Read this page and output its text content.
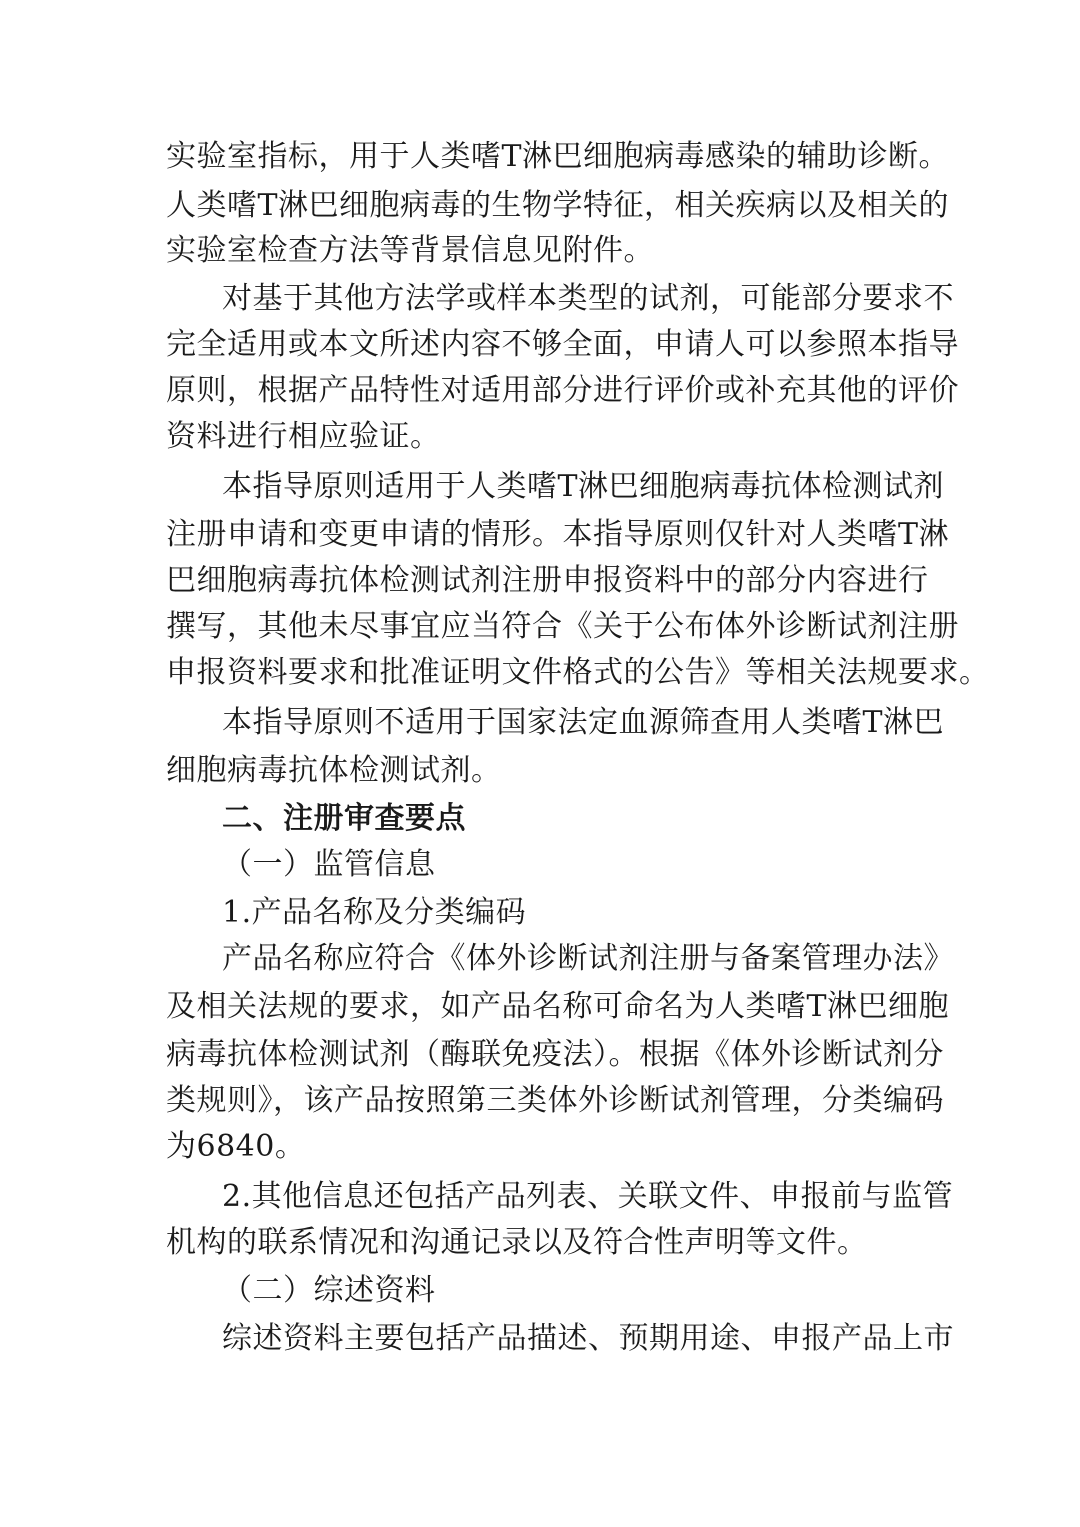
实验室指标，用于人类嗜T淋巴细胞病毒感染的辅助诊断。
人类嗜T淋巴细胞病毒的生物学特征，相关疾病以及相关的
实验室检查方法等背景信息见附件。
对基于其他方法学或样本类型的试剂，可能部分要求不
完全适用或本文所述内容不够全面，申请人可以参照本指导
原则，根据产品特性对适用部分进行评价或补充其他的评价
资料进行相应验证。
本指导原则适用于人类嗜T淋巴细胞病毒抗体检测试剂
注册申请和变更申请的情形。本指导原则仅针对人类嗜T淋
巴细胞病毒抗体检测试剂注册申报资料中的部分内容进行
撰写，其他未尽事宜应当符合《关于公布体外诊断试剂注册
申报资料要求和批准证明文件格式的公告》等相关法规要求。
本指导原则不适用于国家法定血源筛查用人类嗜T淋巴
细胞病毒抗体检测试剂。
二、注册审查要点
（一）监管信息
1.产品名称及分类编码
产品名称应符合《体外诊断试剂注册与备案管理办法》
及相关法规的要求，如产品名称可命名为人类嗜T淋巴细胞
病毒抗体检测试剂（酶联免疫法）。根据《体外诊断试剂分
类规则》，该产品按照第三类体外诊断试剂管理，分类编码
为6840。
2.其他信息还包括产品列表、关联文件、申报前与监管
机构的联系情况和沟通记录以及符合性声明等文件。
（二）综述资料
综述资料主要包括产品描述、预期用途、申报产品上市
